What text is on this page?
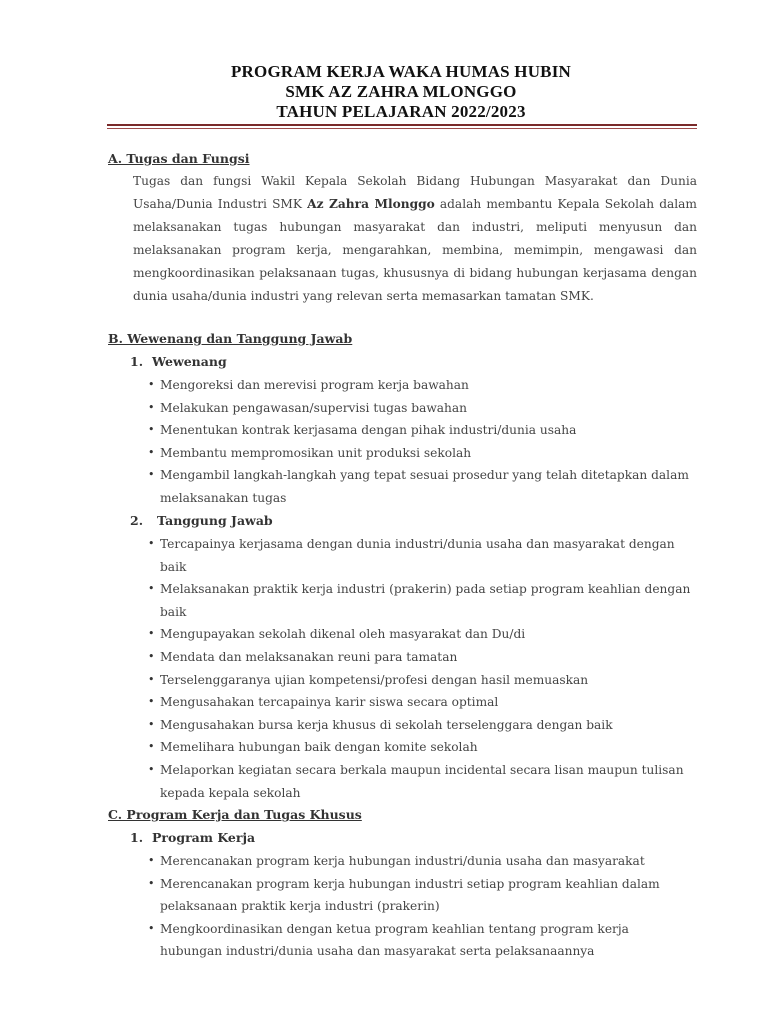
PROGRAM KERJA WAKA HUMAS HUBIN
SMK AZ ZAHRA MLONGGO
TAHUN PELAJARAN 2022/2023
A. Tugas dan Fungsi
Tugas dan fungsi Wakil Kepala Sekolah Bidang Hubungan Masyarakat dan Dunia Usaha/Dunia Industri SMK Az Zahra Mlonggo adalah membantu Kepala Sekolah dalam melaksanakan tugas hubungan masyarakat dan industri, meliputi menyusun dan melaksanakan program kerja, mengarahkan, membina, memimpin, mengawasi dan mengkoordinasikan pelaksanaan tugas, khususnya di bidang hubungan kerjasama dengan dunia usaha/dunia industri yang relevan serta memasarkan tamatan SMK.
B. Wewenang dan Tanggung Jawab
1. Wewenang
• Mengoreksi dan merevisi program kerja bawahan
• Melakukan pengawasan/supervisi tugas bawahan
• Menentukan kontrak kerjasama dengan pihak industri/dunia usaha
• Membantu mempromosikan unit produksi sekolah
• Mengambil langkah-langkah yang tepat sesuai prosedur yang telah ditetapkan dalam melaksanakan tugas
2. Tanggung Jawab
• Tercapainya kerjasama dengan dunia industri/dunia usaha dan masyarakat dengan baik
• Melaksanakan praktik kerja industri (prakerin) pada setiap program keahlian dengan baik
• Mengupayakan sekolah dikenal oleh masyarakat dan Du/di
• Mendata dan melaksanakan reuni para tamatan
• Terselenggaranya ujian kompetensi/profesi dengan hasil memuaskan
• Mengusahakan tercapainya karir siswa secara optimal
• Mengusahakan bursa kerja khusus di sekolah terselenggara dengan baik
• Memelihara hubungan baik dengan komite sekolah
• Melaporkan kegiatan secara berkala maupun incidental secara lisan maupun tulisan kepada kepala sekolah
C. Program Kerja dan Tugas Khusus
1. Program Kerja
• Merencanakan program kerja hubungan industri/dunia usaha dan masyarakat
• Merencanakan program kerja hubungan industri setiap program keahlian dalam pelaksanaan praktik kerja industri (prakerin)
• Mengkoordinasikan dengan ketua program keahlian tentang program kerja hubungan industri/dunia usaha dan masyarakat serta pelaksanaannya
